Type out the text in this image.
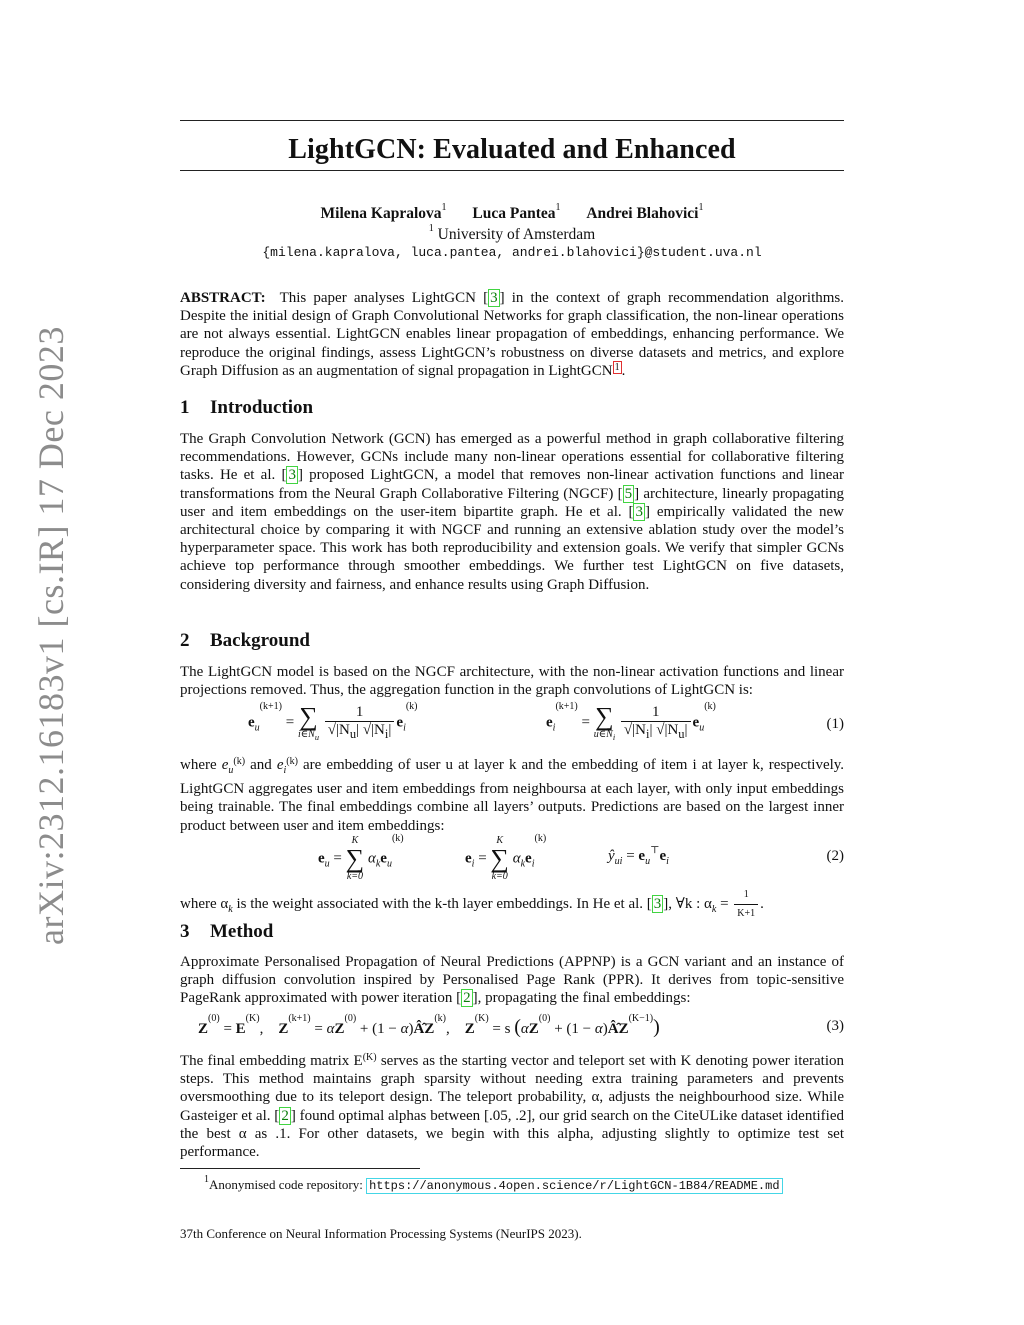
arXiv:2312.16183v1 [cs.IR] 17 Dec 2023
LightGCN: Evaluated and Enhanced
Milena Kapralova$^1$ Luca Pantea$^1$ Andrei Blahovici$^1$
$^1$ University of Amsterdam
{milena.kapralova, luca.pantea, andrei.blahovici}@student.uva.nl
ABSTRACT: This paper analyses LightGCN [ 3 ] in the context of graph recommendation algorithms. Despite the initial design of Graph Convolutional Networks for graph classification, the non-linear operations are not always essential. LightGCN enables linear propagation of embeddings, enhancing performance. We reproduce the original findings, assess LightGCN’s robustness on diverse datasets and metrics, and explore Graph Diffusion as an augmentation of signal propagation in LightGCN $^1$ .
1 Introduction
The Graph Convolution Network (GCN) has emerged as a powerful method in graph collaborative filtering recommendations. However, GCNs include many non-linear operations essential for collaborative filtering tasks. He et al. [ 3 ] proposed LightGCN, a model that removes non-linear activation functions and linear transformations from the Neural Graph Collaborative Filtering (NGCF) [ 5 ] architecture, linearly propagating user and item embeddings on the user-item bipartite graph. He et al. [ 3 ] empirically validated the new architectural choice by comparing it with NGCF and running an extensive ablation study over the model’s hyperparameter space. This work has both reproducibility and extension goals. We verify that simpler GCNs achieve top performance through smoother embeddings. We further test LightGCN on five datasets, considering diversity and fairness, and enhance results using Graph Diffusion.
2 Background
The LightGCN model is based on the NGCF architecture, with the non-linear activation functions and linear projections removed. Thus, the aggregation function in the graph convolutions of LightGCN is:
$e_u^{(k+1)}$ = ∑
$i\in N_u$
$\frac{1}{√|N_u| √|N_i|} e_i^{(k)}$
$e_i^{(k+1)}$ = ∑
$u\in N_i$
$\frac{1}{√|N_i| √|N_u|} e_u^{(k)}$
(1)
where $e_u^{(k)}$ and $e_i^{(k)}$ are embedding of user u at layer k and the embedding of item i at layer k, respectively. LightGCN aggregates user and item embeddings from neighboursa at each layer, with only input embeddings being trainable. The final embeddings combine all layers’ outputs. Predictions are based on the largest inner product between user and item embeddings:
$e_u$ =
K
∑
k=0
$\alpha_ke_u^{(k)}$
$e_i$ =
K
∑
k=0
$\alpha_ke_i^{(k)}$
$ŷ_{ui} = e_u^⊤e_i$	(2)
where $\alpha_k$ is the weight associated with the k-th layer embeddings. In He et al. [ 3 ], ∀k : $\alpha_k = \frac{1}{K+1}$ .
3 Method
Approximate Personalised Propagation of Neural Predictions (APPNP) is a GCN variant and an instance of graph diffusion convolution inspired by Personalised Page Rank (PPR). It derives from topic-sensitive PageRank approximated with power iteration [ 2 ], propagating the final embeddings:
$Z^{(0)} = E^{(K)}$,    $Z^{(k+1)} = \alpha Z^{(0)} + (1$ − $\alpha)Â̂Z^{(k)}$,    $Z^{(K)} = s$ ($\alpha Z^{(0)} + (1$ − $\alpha)Â̂Z^{(K-1)}$)	(3)
The final embedding matrix $E^{(K)}$ serves as the starting vector and teleport set with K denoting power iteration steps. This method maintains graph sparsity without needing extra training parameters and prevents oversmoothing due to its teleport design. The teleport probability, α, adjusts the neighbourhood size. While Gasteiger et al. [ 2 ] found optimal alphas between [.05, .2], our grid search on the CiteULike dataset identified the best α as .1. For other datasets, we begin with this alpha, adjusting slightly to optimize test set performance.
$^1$Anonymised code repository: https://anonymous.4open.science/r/LightGCN-1B84/README.md
37th Conference on Neural Information Processing Systems (NeurIPS 2023).
